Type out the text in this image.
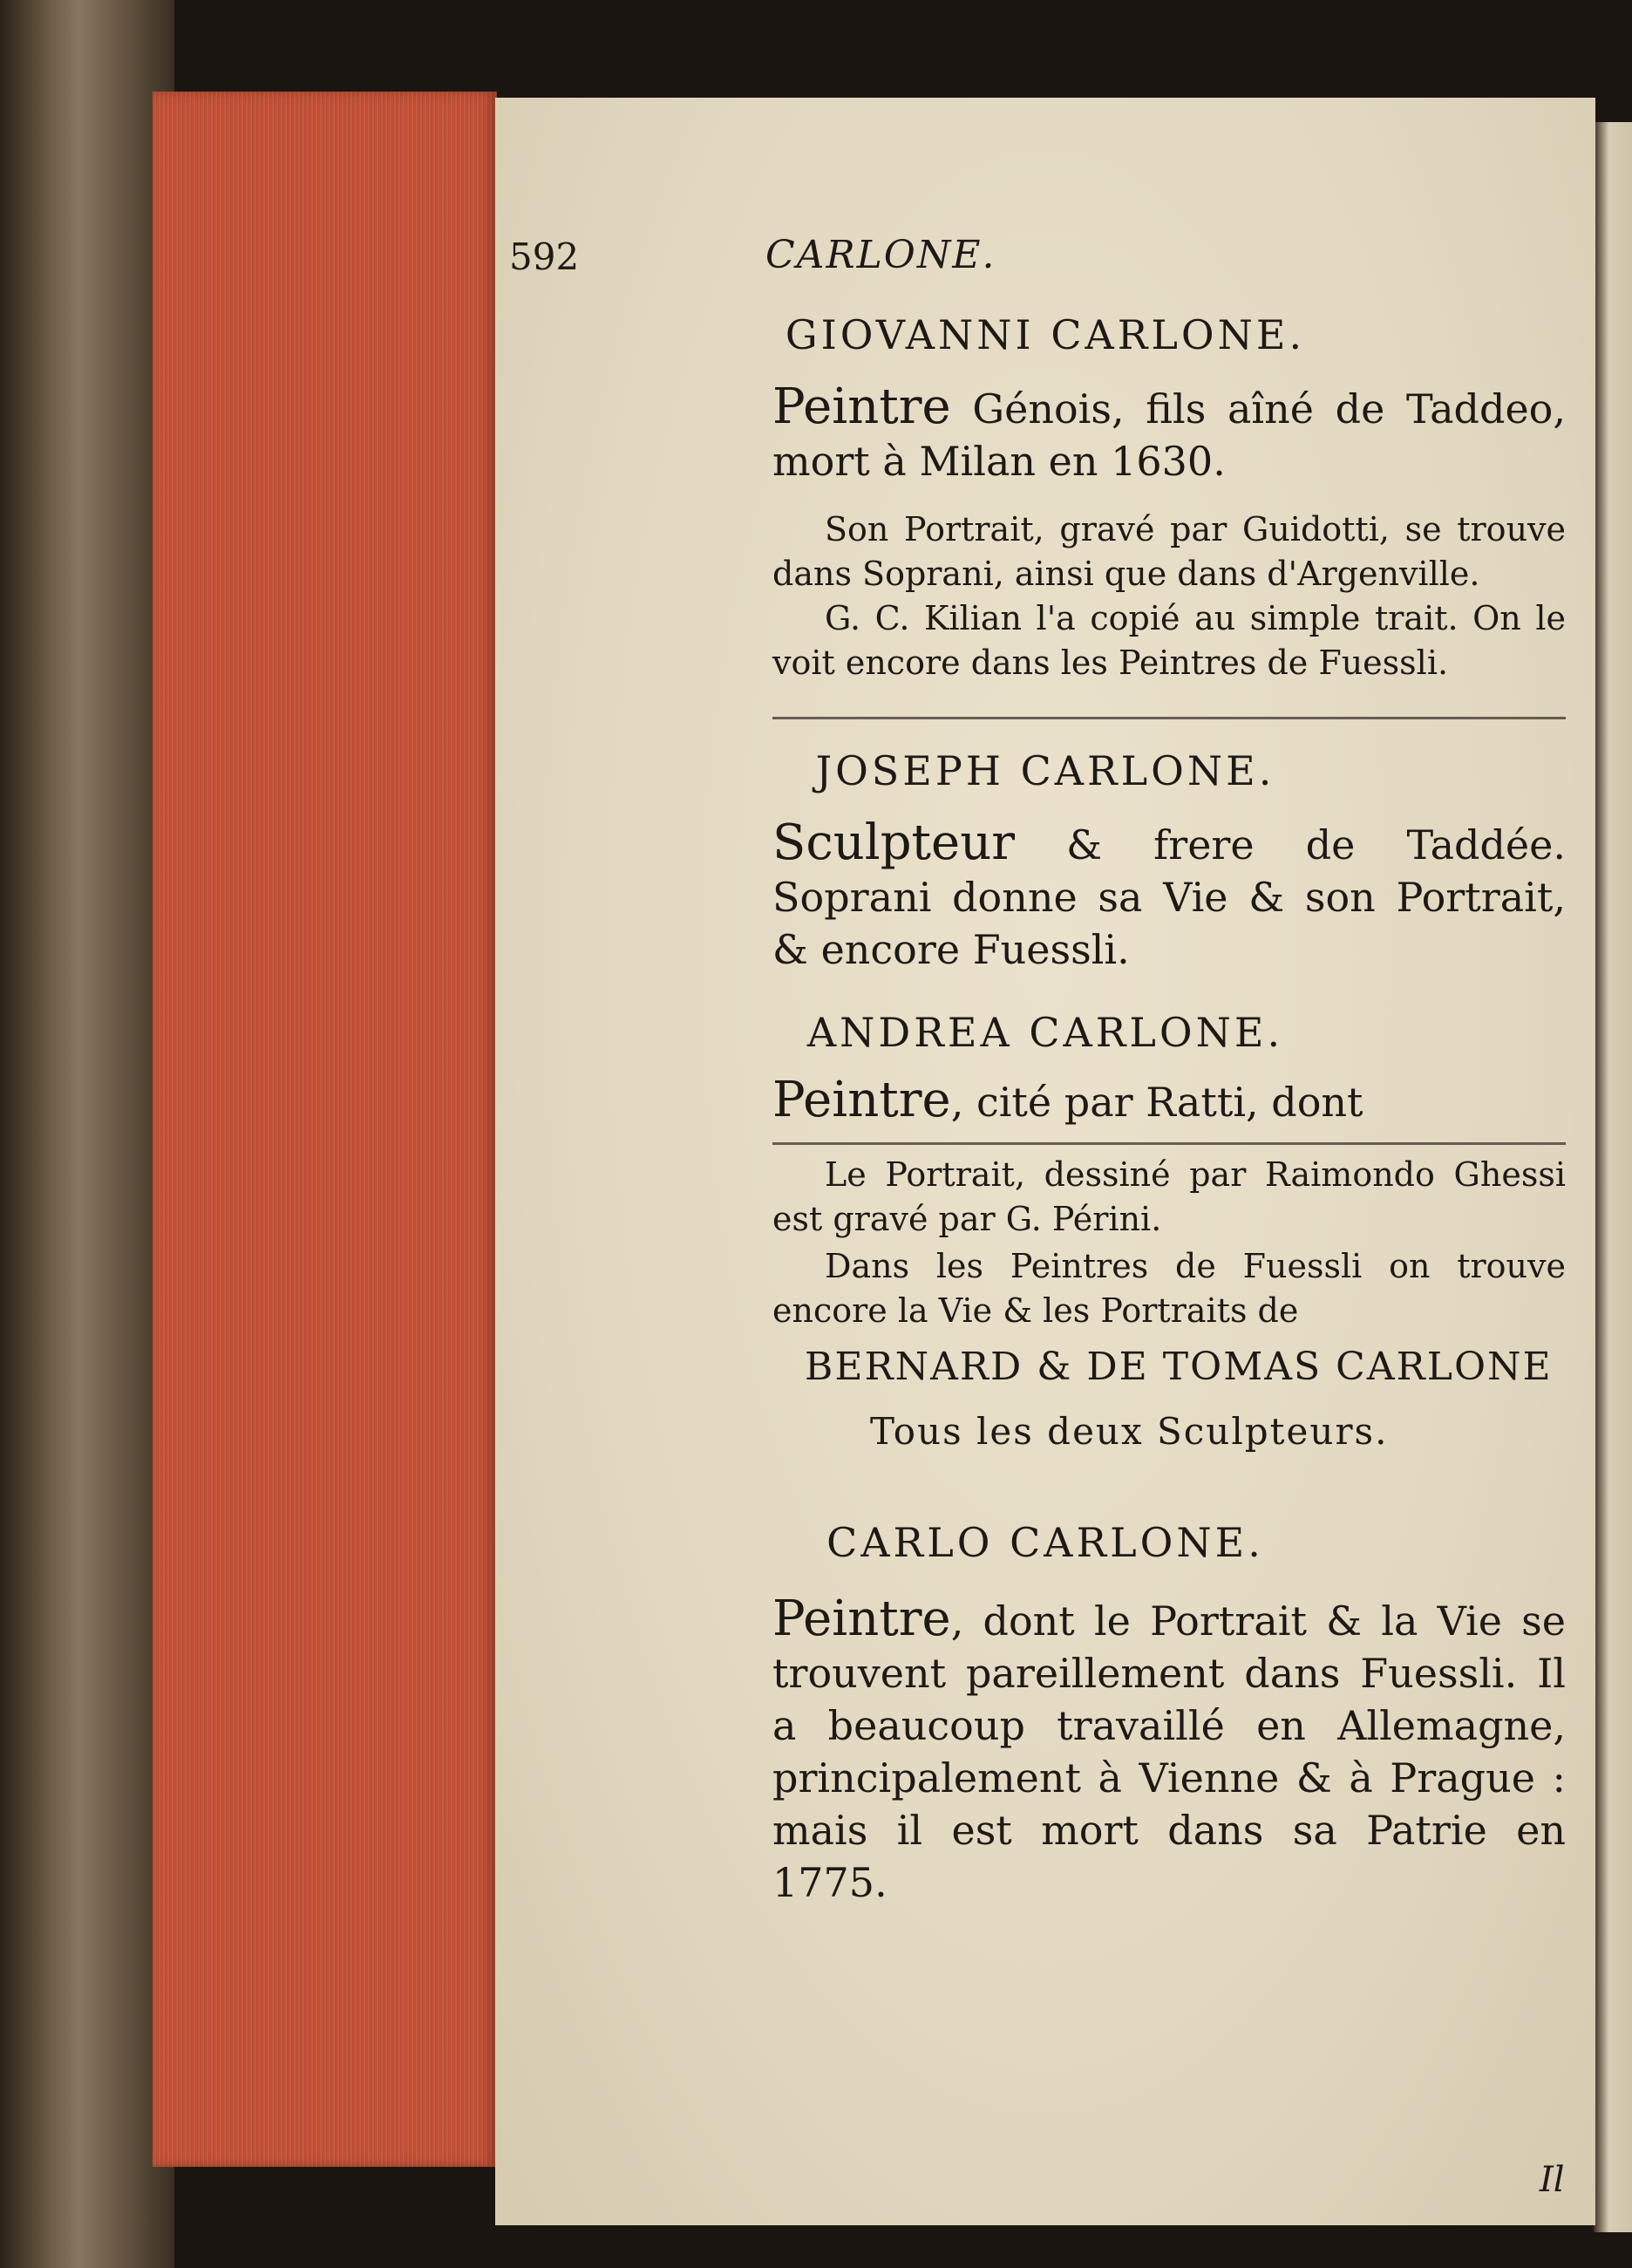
592	CARLONE.
GIOVANNI CARLONE.
Peintre Génois, fils aîné de Taddeo, mort à Milan en 1630.
Son Portrait, gravé par Guidotti, se trouve dans Soprani, ainsi que dans d'Argenville.
G. C. Kilian l'a copié au simple trait. On le voit encore dans les Peintres de Fuessli.
JOSEPH CARLONE.
Sculpteur & frere de Taddée. Soprani donne sa Vie & son Portrait, & encore Fuessli.
ANDREA CARLONE.
Peintre, cité par Ratti, dont
Le Portrait, dessiné par Raimondo Ghessi est gravé par G. Périni.
Dans les Peintres de Fuessli on trouve encore la Vie & les Portraits de
BERNARD & DE TOMAS CARLONE
Tous les deux Sculpteurs.
CARLO CARLONE.
Peintre, dont le Portrait & la Vie se trouvent pareillement dans Fuessli. Il a beaucoup travaillé en Allemagne, principalement à Vienne & à Prague : mais il est mort dans sa Patrie en 1775.
Il
